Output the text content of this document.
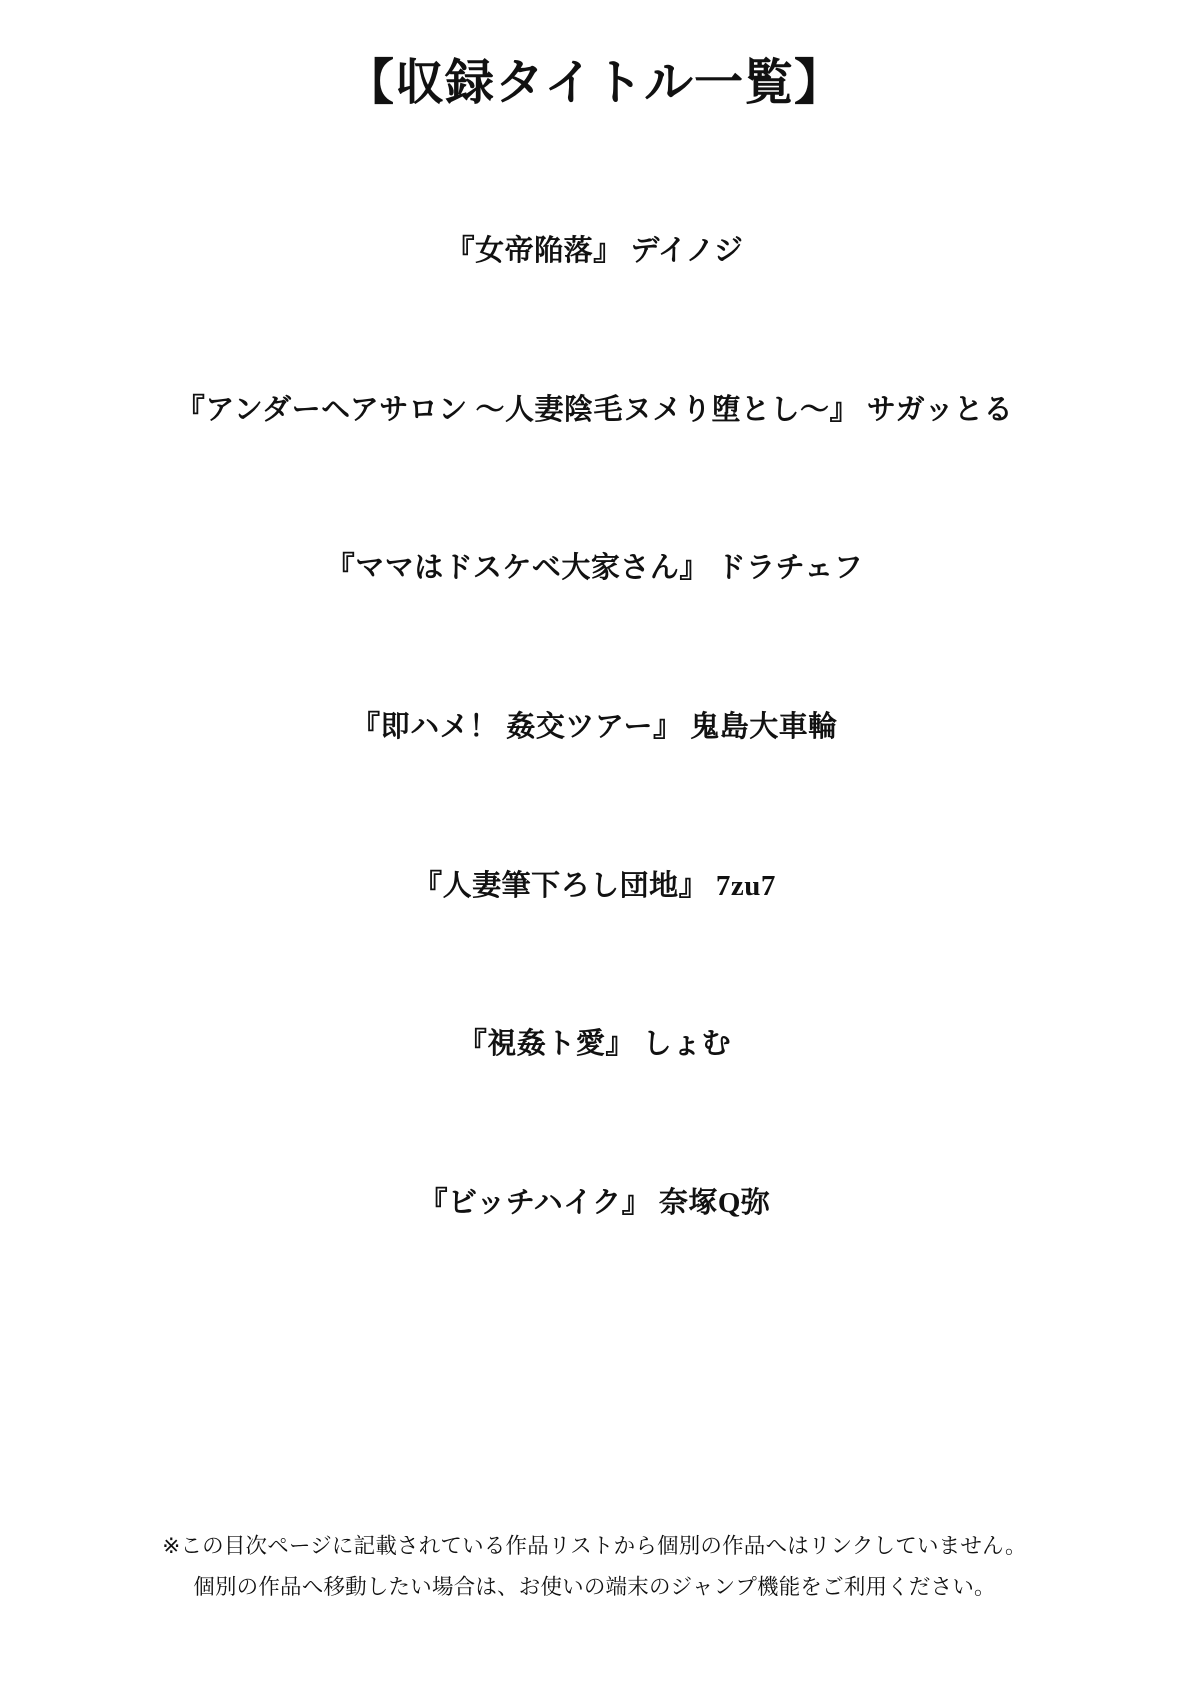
【収録タイトル一覧】
『女帝陥落』 デイノジ
『アンダーヘアサロン ～人妻陰毛ヌメり堕とし～』 サガッとる
『ママはドスケベ大家さん』 ドラチェフ
『即ハメ！ 姦交ツアー』 鬼島大車輪
『人妻筆下ろし団地』 7zu7
『視姦ト愛』 しょむ
『ビッチハイク』 奈塚Q弥
※この目次ページに記載されている作品リストから個別の作品へはリンクしていません。
個別の作品へ移動したい場合は、お使いの端末のジャンプ機能をご利用ください。
